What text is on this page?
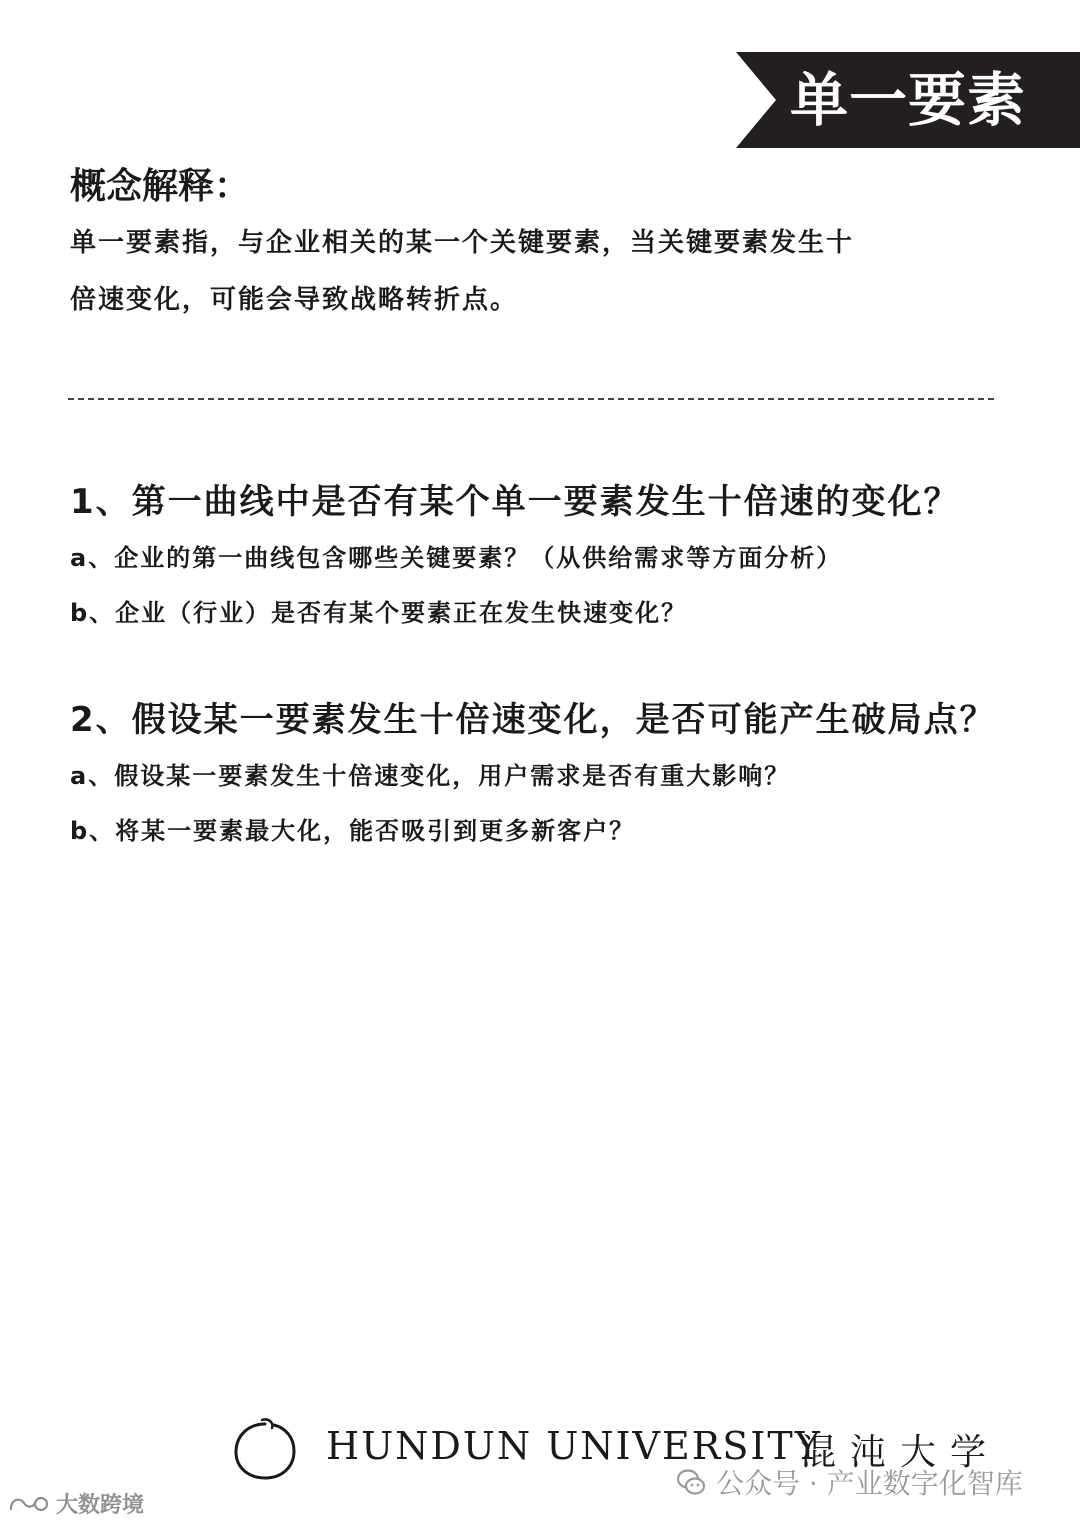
单一要素
概念解释：
单一要素指，与企业相关的某一个关键要素，当关键要素发生十
倍速变化，可能会导致战略转折点。
1、第一曲线中是否有某个单一要素发生十倍速的变化？
a、企业的第一曲线包含哪些关键要素？（从供给需求等方面分析）
b、企业（行业）是否有某个要素正在发生快速变化？
2、假设某一要素发生十倍速变化，是否可能产生破局点？
a、假设某一要素发生十倍速变化，用户需求是否有重大影响？
b、将某一要素最大化，能否吸引到更多新客户？
HUNDUN UNIVERSITY
混沌大学
公众号 · 产业数字化智库
大数跨境
